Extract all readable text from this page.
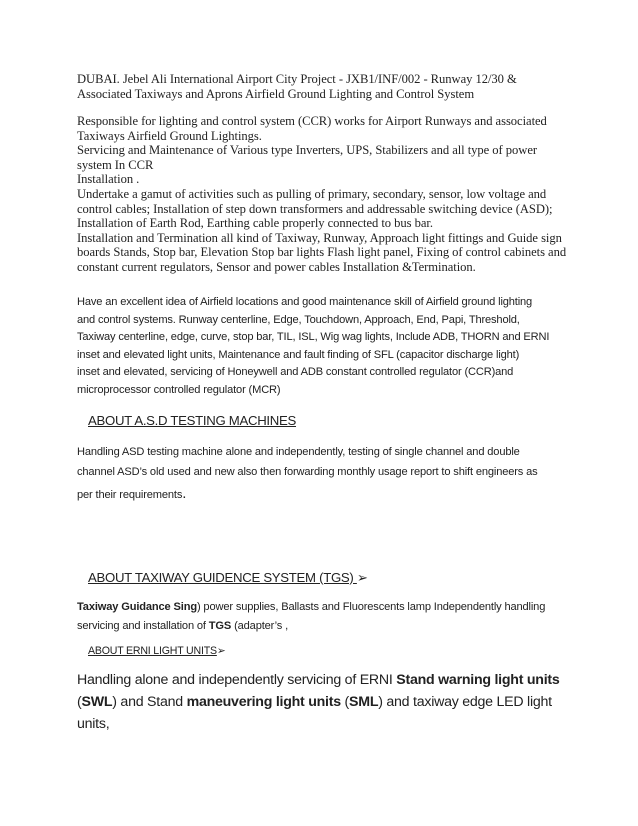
DUBAI. Jebel Ali International Airport City Project - JXB1/INF/002 - Runway 12/30 &

Associated Taxiways and Aprons Airfield Ground Lighting and Control System

Responsible for lighting and control system (CCR) works for Airport Runways and associated

Taxiways Airfield Ground Lightings.

Servicing and Maintenance of Various type Inverters, UPS, Stabilizers and all type of power

system In CCR

Installation .

Undertake a gamut of activities such as pulling of primary, secondary, sensor, low voltage and

control cables; Installation of step down transformers and addressable switching device (ASD);

Installation of Earth Rod, Earthing cable properly connected to bus bar.

Installation and Termination all kind of Taxiway, Runway, Approach light fittings and Guide sign

boards Stands, Stop bar, Elevation Stop bar lights Flash light panel, Fixing of control cabinets and

constant current regulators, Sensor and power cables Installation &Termination.

Have an excellent idea of Airfield locations and good maintenance skill of Airfield ground lighting

and control systems. Runway centerline, Edge, Touchdown, Approach, End, Papi, Threshold,

Taxiway centerline, edge, curve, stop bar, TIL, ISL, Wig wag lights, Include ADB, THORN and ERNI

inset and elevated light units, Maintenance and fault finding of SFL (capacitor discharge light)

inset and elevated, servicing of Honeywell and ADB constant controlled regulator (CCR)and

microprocessor controlled regulator (MCR)

ABOUT A.S.D TESTING MACHINES

Handling ASD testing machine alone and independently, testing of single channel and double

channel ASD’s old used and new also then forwarding monthly usage report to shift engineers as

per their requirements.

ABOUT TAXIWAY GUIDENCE SYSTEM (TGS) ➢

Taxiway Guidance Sing) power supplies, Ballasts and Fluorescents lamp Independently handling

servicing and installation of TGS (adapter’s ,

ABOUT ERNI LIGHT UNITS➢

Handling alone and independently servicing of ERNI Stand warning light units

(SWL) and Stand maneuvering light units (SML) and taxiway edge LED light units,
